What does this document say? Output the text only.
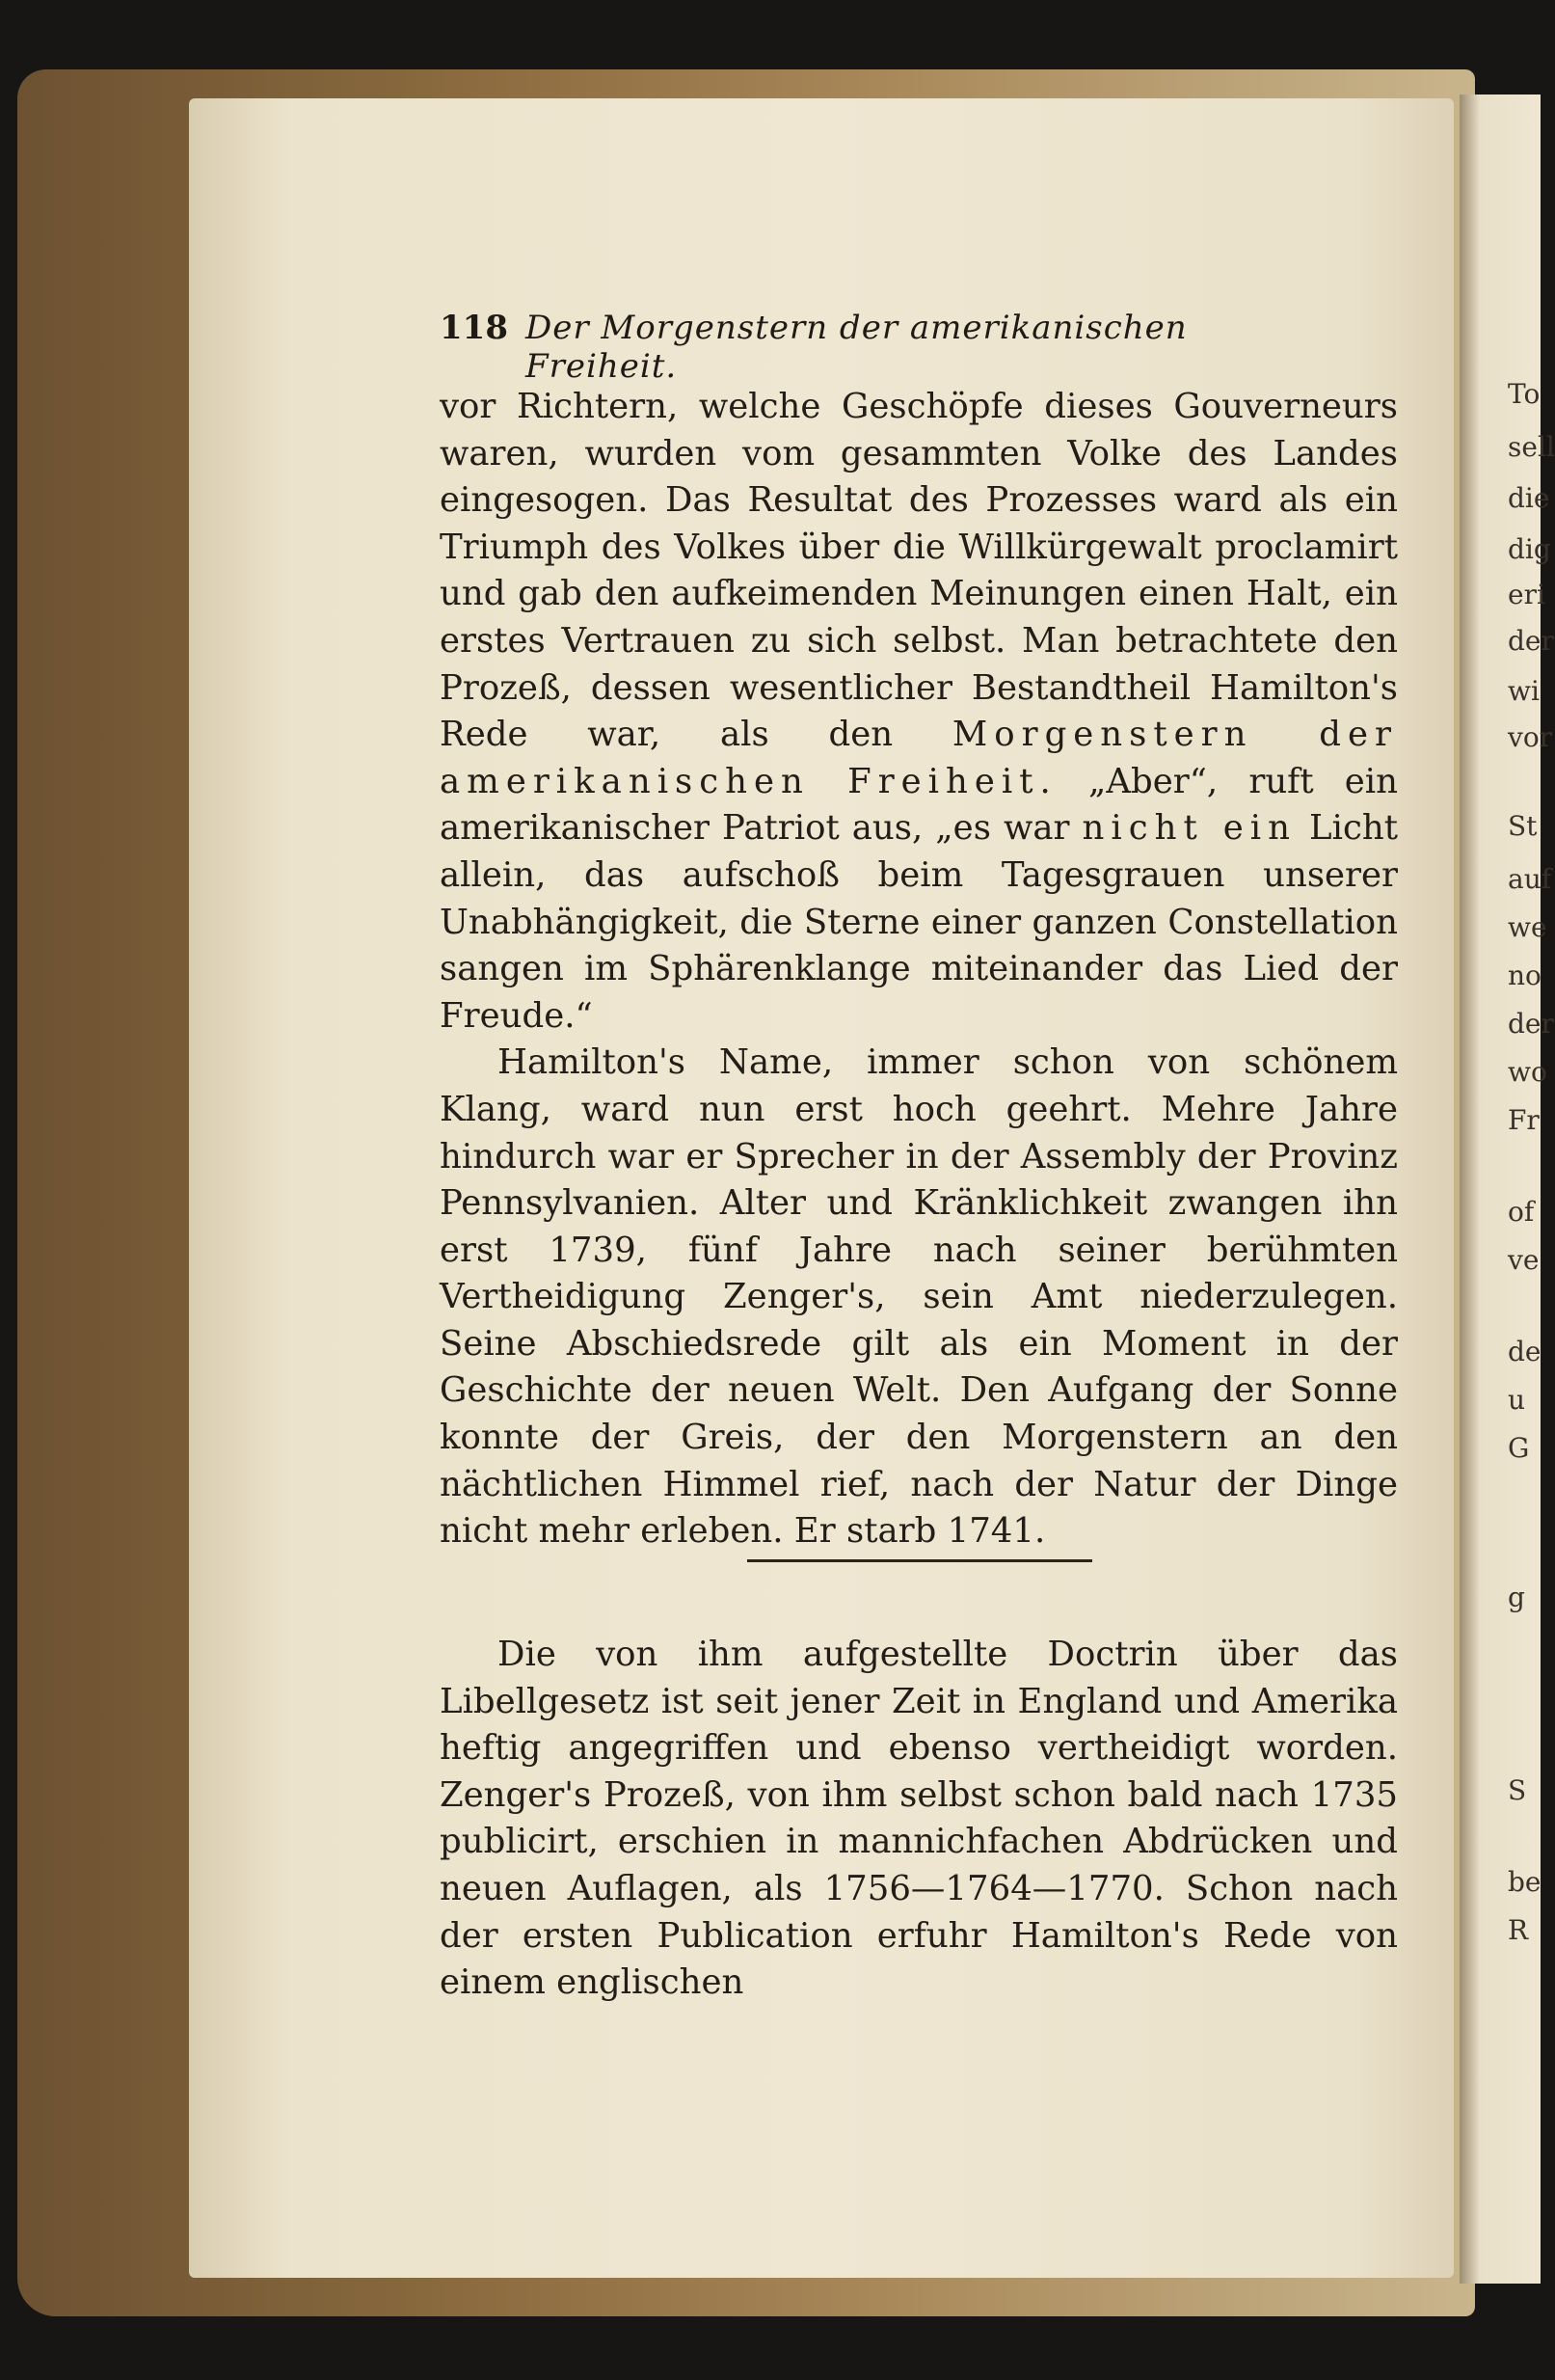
118 Der Morgenstern der amerikanischen Freiheit.

vor Richtern, welche Geschöpfe dieses Gouverneurs waren, wurden vom gesammten Volke des Landes eingesogen. Das Resultat des Prozesses ward als ein Triumph des Volkes über die Willkürgewalt proclamirt und gab den aufkeimenden Meinungen einen Halt, ein erstes Vertrauen zu sich selbst. Man betrachtete den Prozeß, dessen wesentlicher Bestandtheil Hamilton's Rede war, als den Morgenstern der amerikanischen Freiheit. „Aber“, ruft ein amerikanischer Patriot aus, „es war nicht ein Licht allein, das aufschoß beim Tagesgrauen unserer Unabhängigkeit, die Sterne einer ganzen Constellation sangen im Sphärenklange miteinander das Lied der Freude.“

Hamilton's Name, immer schon von schönem Klang, ward nun erst hoch geehrt. Mehre Jahre hindurch war er Sprecher in der Assembly der Provinz Pennsylvanien. Alter und Kränklichkeit zwangen ihn erst 1739, fünf Jahre nach seiner berühmten Vertheidigung Zenger's, sein Amt niederzulegen. Seine Abschiedsrede gilt als ein Moment in der Geschichte der neuen Welt. Den Aufgang der Sonne konnte der Greis, der den Morgenstern an den nächtlichen Himmel rief, nach der Natur der Dinge nicht mehr erleben. Er starb 1741.

Die von ihm aufgestellte Doctrin über das Libellgesetz ist seit jener Zeit in England und Amerika heftig angegriffen und ebenso vertheidigt worden. Zenger's Prozeß, von ihm selbst schon bald nach 1735 publicirt, erschien in mannichfachen Abdrücken und neuen Auflagen, als 1756—1764—1770. Schon nach der ersten Publication erfuhr Hamilton's Rede von einem englischen

To
sell
die
dig
eri
der
wi
vor
St
auf
we
no
der
wo
Fr
of
ve
de
u
G
g
S
be
R
